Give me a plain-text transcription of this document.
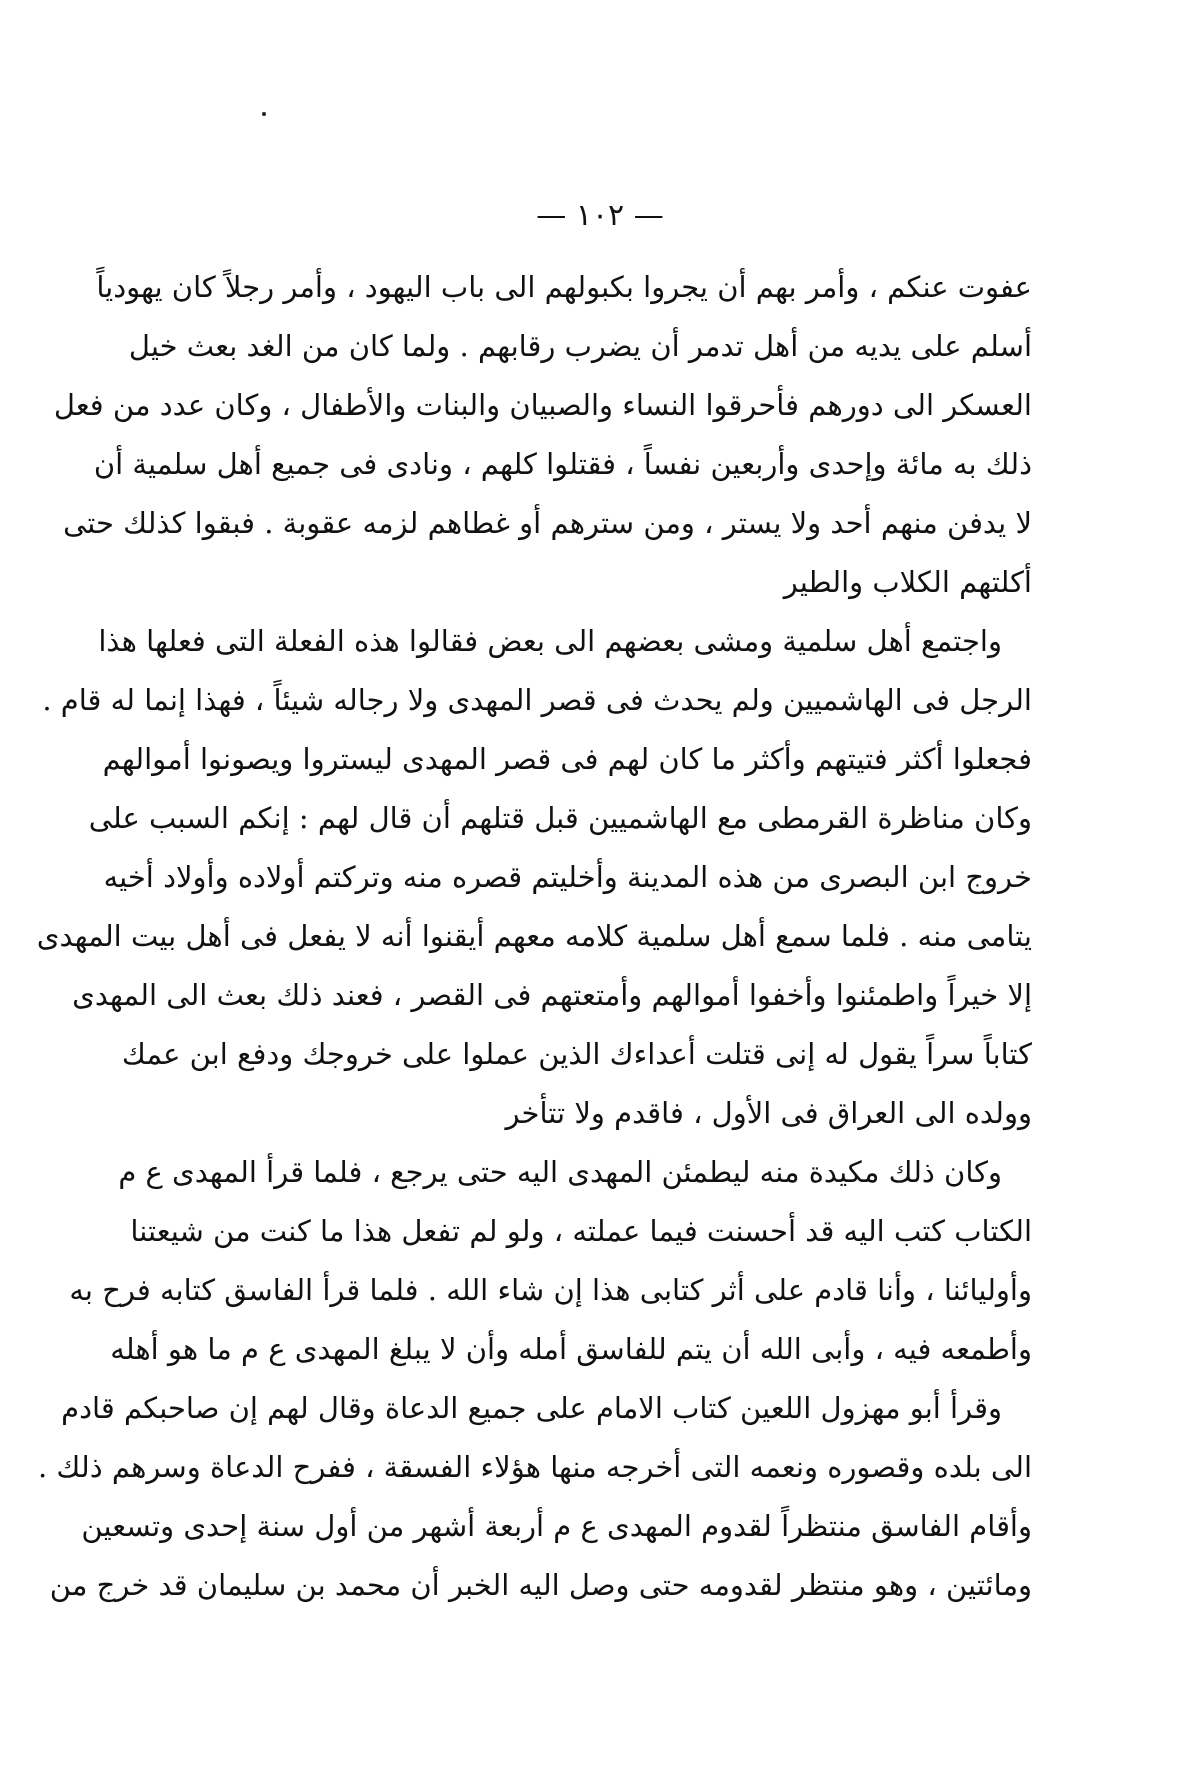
— ١٠٢ —
عفوت عنكم ، وأمر بهم أن يجروا بكبولهم الى باب اليهود ، وأمر رجلاً كان يهودياً
أسلم على يديه من أهل تدمر أن يضرب رقابهم . ولما كان من الغد بعث خيل
العسكر الى دورهم فأحرقوا النساء والصبيان والبنات والأطفال ، وكان عدد من فعل
ذلك به مائة وإحدى وأربعين نفساً ، فقتلوا كلهم ، ونادى فى جميع أهل سلمية أن
لا يدفن منهم أحد ولا يستر ، ومن سترهم أو غطاهم لزمه عقوبة . فبقوا كذلك حتى
أكلتهم الكلاب والطير
واجتمع أهل سلمية ومشى بعضهم الى بعض فقالوا هذه الفعلة التى فعلها هذا
الرجل فى الهاشميين ولم يحدث فى قصر المهدى ولا رجاله شيئاً ، فهذا إنما له قام .
فجعلوا أكثر فتيتهم وأكثر ما كان لهم فى قصر المهدى ليستروا ويصونوا أموالهم
وكان مناظرة القرمطى مع الهاشميين قبل قتلهم أن قال لهم : إنكم السبب على
خروج ابن البصرى من هذه المدينة وأخليتم قصره منه وتركتم أولاده وأولاد أخيه
يتامى منه . فلما سمع أهل سلمية كلامه معهم أيقنوا أنه لا يفعل فى أهل بيت المهدى
إلا خيراً واطمئنوا وأخفوا أموالهم وأمتعتهم فى القصر ، فعند ذلك بعث الى المهدى
كتاباً سراً يقول له إنى قتلت أعداءك الذين عملوا على خروجك ودفع ابن عمك
وولده الى العراق فى الأول ، فاقدم ولا تتأخر
وكان ذلك مكيدة منه ليطمئن المهدى اليه حتى يرجع ، فلما قرأ المهدى ع م
الكتاب كتب اليه قد أحسنت فيما عملته ، ولو لم تفعل هذا ما كنت من شيعتنا
وأوليائنا ، وأنا قادم على أثر كتابى هذا إن شاء الله . فلما قرأ الفاسق كتابه فرح به
وأطمعه فيه ، وأبى الله أن يتم للفاسق أمله وأن لا يبلغ المهدى ع م ما هو أهله
وقرأ أبو مهزول اللعين كتاب الامام على جميع الدعاة وقال لهم إن صاحبكم قادم
الى بلده وقصوره ونعمه التى أخرجه منها هؤلاء الفسقة ، ففرح الدعاة وسرهم ذلك .
وأقام الفاسق منتظراً لقدوم المهدى ع م أربعة أشهر من أول سنة إحدى وتسعين
ومائتين ، وهو منتظر لقدومه حتى وصل اليه الخبر أن محمد بن سليمان قد خرج من
